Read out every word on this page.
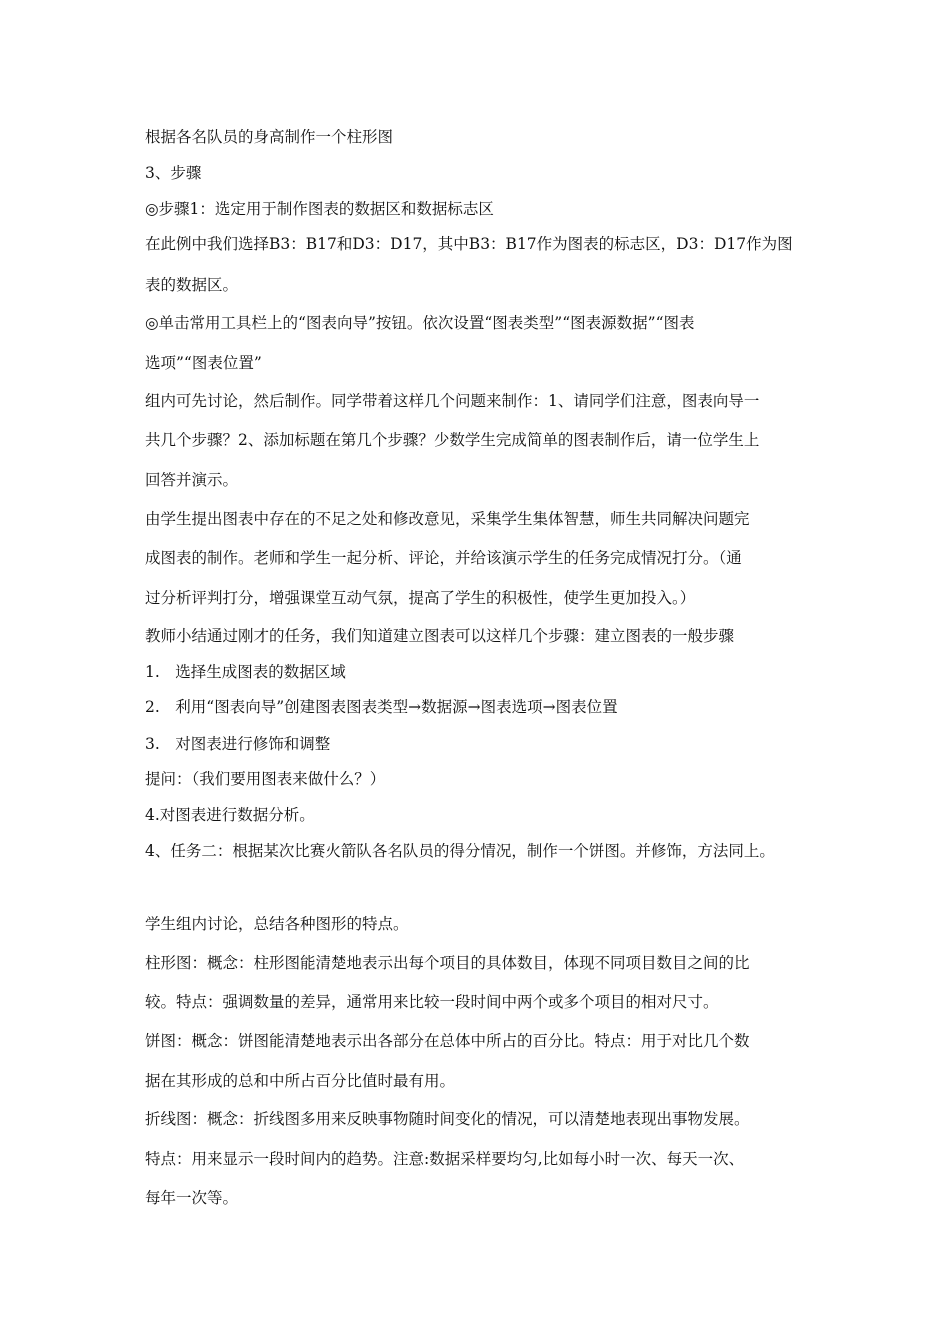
根据各名队员的身高制作一个柱形图
3、步骤
◎步骤1：选定用于制作图表的数据区和数据标志区
在此例中我们选择B3：B17和D3：D17，其中B3：B17作为图表的标志区，D3：D17作为图
表的数据区。
◎单击常用工具栏上的“图表向导”按钮。依次设置“图表类型”“图表源数据”“图表
选项”“图表位置”
组内可先讨论，然后制作。同学带着这样几个问题来制作：1、请同学们注意，图表向导一
共几个步骤？2、添加标题在第几个步骤？少数学生完成简单的图表制作后，请一位学生上
回答并演示。
由学生提出图表中存在的不足之处和修改意见，采集学生集体智慧，师生共同解决问题完
成图表的制作。老师和学生一起分析、评论，并给该演示学生的任务完成情况打分。（通
过分析评判打分，增强课堂互动气氛，提高了学生的积极性，使学生更加投入。）
教师小结通过刚才的任务，我们知道建立图表可以这样几个步骤：建立图表的一般步骤
1.　选择生成图表的数据区域
2.　利用“图表向导”创建图表图表类型→数据源→图表选项→图表位置
3.　对图表进行修饰和调整
提问：（我们要用图表来做什么？）
4.对图表进行数据分析。
4、任务二：根据某次比赛火箭队各名队员的得分情况，制作一个饼图。并修饰，方法同上。
学生组内讨论，总结各种图形的特点。
柱形图：概念：柱形图能清楚地表示出每个项目的具体数目，体现不同项目数目之间的比
较。特点：强调数量的差异，通常用来比较一段时间中两个或多个项目的相对尺寸。
饼图：概念：饼图能清楚地表示出各部分在总体中所占的百分比。特点：用于对比几个数
据在其形成的总和中所占百分比值时最有用。
折线图：概念：折线图多用来反映事物随时间变化的情况，可以清楚地表现出事物发展。
特点：用来显示一段时间内的趋势。注意:数据采样要均匀,比如每小时一次、每天一次、
每年一次等。
